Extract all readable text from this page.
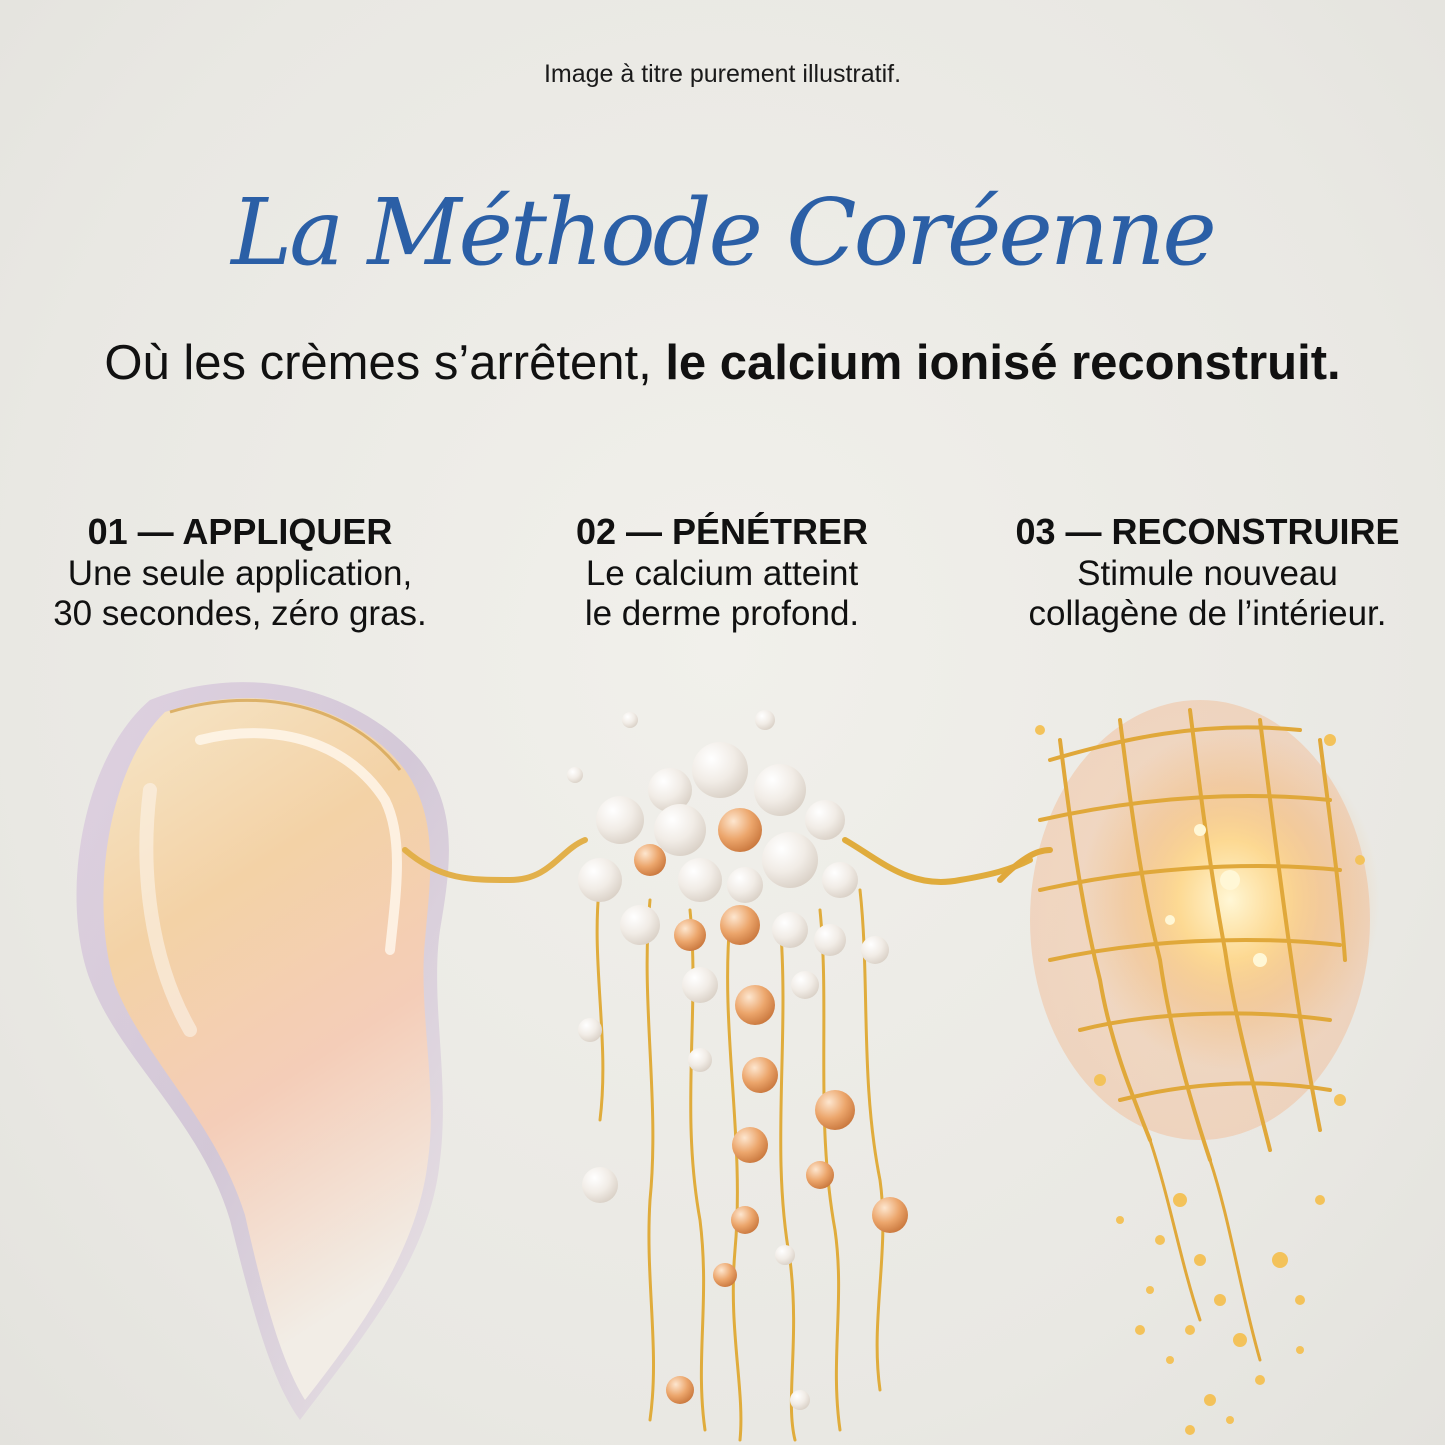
Image à titre purement illustratif.
La Méthode Coréenne
Où les crèmes s’arrêtent, le calcium ionisé reconstruit.
01 — APPLIQUER
Une seule application,
30 secondes, zéro gras.
02 — PÉNÉTRER
Le calcium atteint
le derme profond.
03 — RECONSTRUIRE
Stimule nouveau
collagène de l’intérieur.
